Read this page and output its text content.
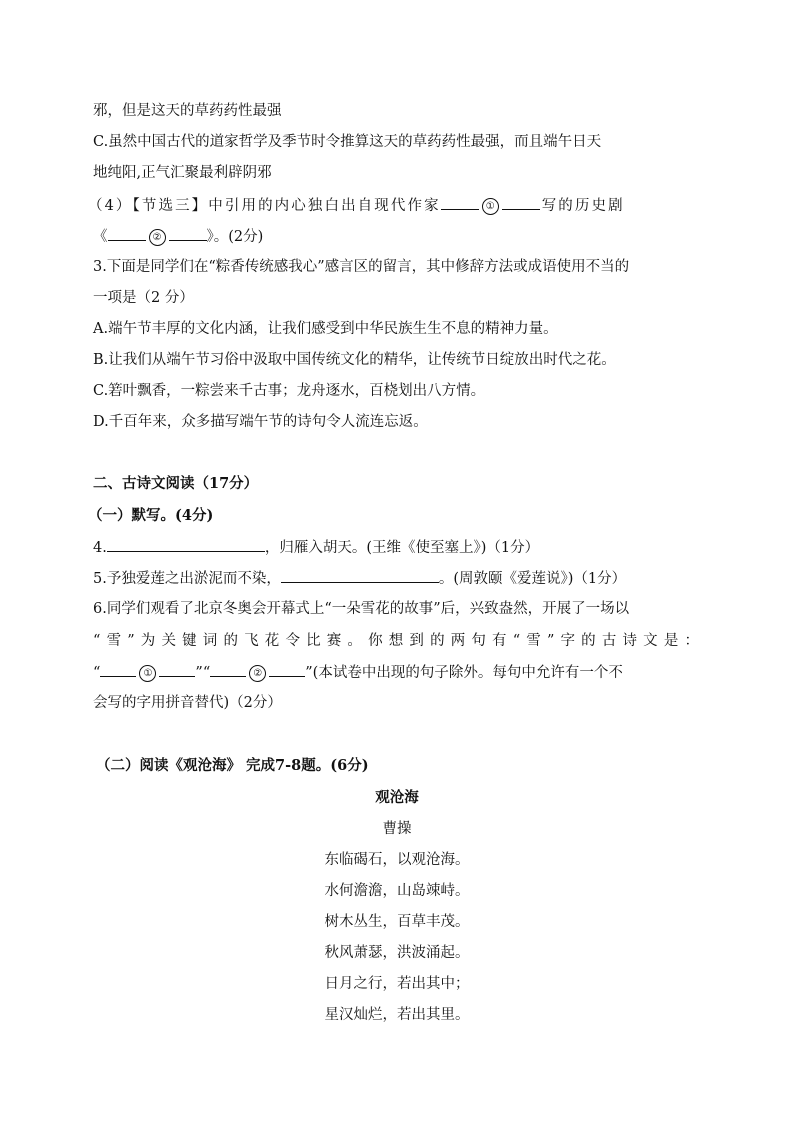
邪，但是这天的草药药性最强
C.虽然中国古代的道家哲学及季节时令推算这天的草药药性最强，而且端午日天
地纯阳,正气汇聚最利辟阴邪
（4）【节选三】中引用的内心独白出自现代作家	①	写的历史剧
《	②	》。(2分)
3.下面是同学们在“粽香传统感我心”感言区的留言，其中修辞方法或成语使用不当的
一项是（2 分）
A.端午节丰厚的文化内涵，让我们感受到中华民族生生不息的精神力量。
B.让我们从端午节习俗中汲取中国传统文化的精华，让传统节日绽放出时代之花。
C.箬叶飘香，一粽尝来千古事；龙舟逐水，百桡划出八方情。
D.千百年来，众多描写端午节的诗句令人流连忘返。
二、古诗文阅读（17分）
（一）默写。(4分)
4.	，归雁入胡天。(王维《使至塞上》)（1分）
5.予独爱莲之出淤泥而不染，	。(周敦颐《爱莲说》)（1分）
6.同学们观看了北京冬奥会开幕式上“一朵雪花的故事”后，兴致盎然，开展了一场以
“雪”为关键词的飞花令比赛。你想到的两句有“雪”字的古诗文是：
“	①	”“	②	”(本试卷中出现的句子除外。每句中允许有一个不
会写的字用拼音替代)（2分）
（二）阅读《观沧海》 完成7-8题。(6分)
观沧海
曹操
东临碣石，以观沧海。
水何澹澹，山岛竦峙。
树木丛生，百草丰茂。
秋风萧瑟，洪波涌起。
日月之行，若出其中；
星汉灿烂，若出其里。
